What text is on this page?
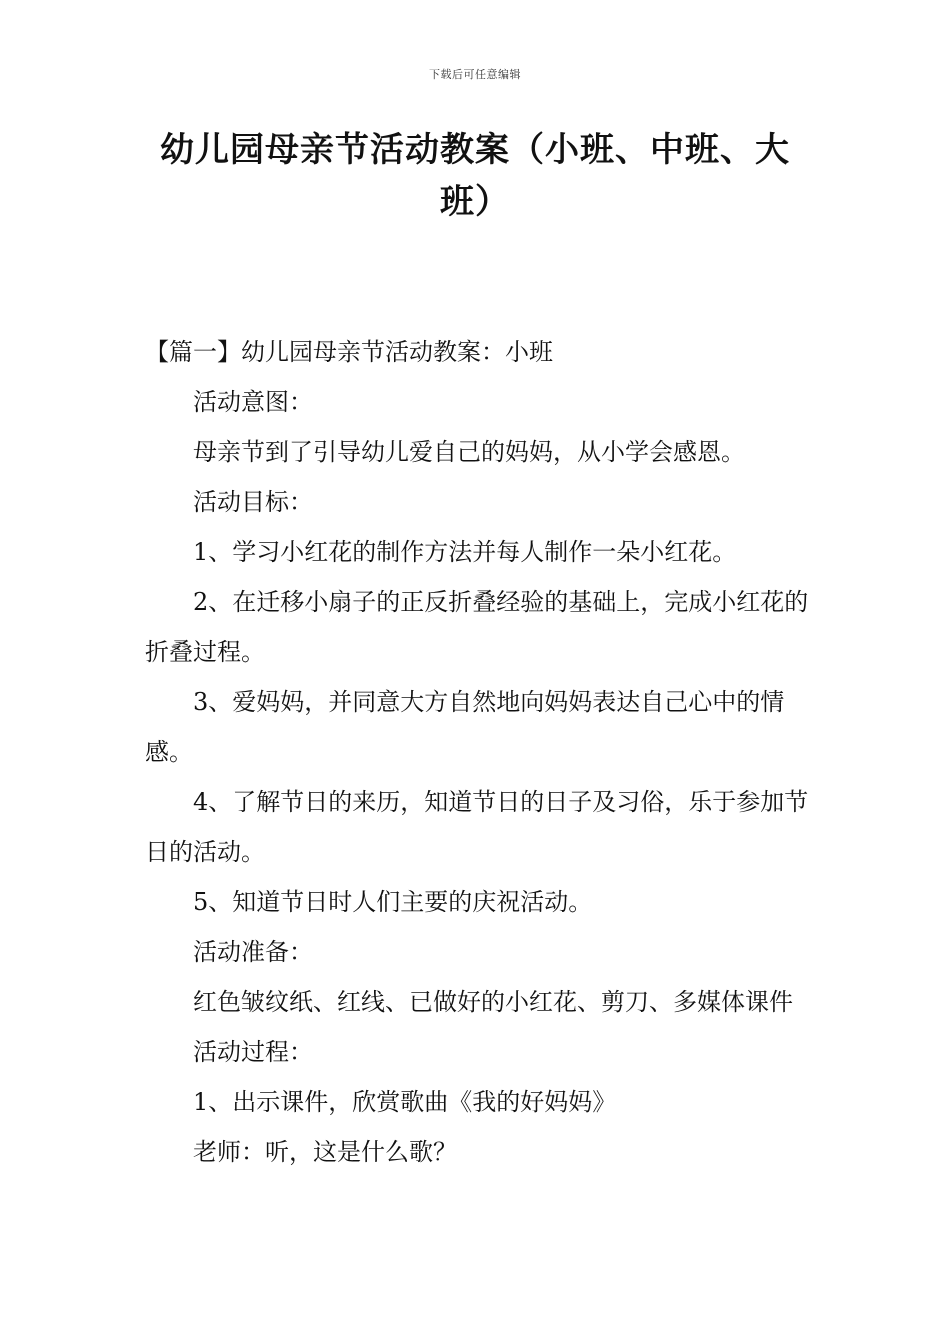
下载后可任意编辑
幼儿园母亲节活动教案（小班、中班、大班）

【篇一】幼儿园母亲节活动教案：小班

活动意图：

母亲节到了引导幼儿爱自己的妈妈，从小学会感恩。

活动目标：

1、学习小红花的制作方法并每人制作一朵小红花。

2、在迁移小扇子的正反折叠经验的基础上，完成小红花的折叠过程。

3、爱妈妈，并同意大方自然地向妈妈表达自己心中的情感。

4、了解节日的来历，知道节日的日子及习俗，乐于参加节日的活动。

5、知道节日时人们主要的庆祝活动。

活动准备：

红色皱纹纸、红线、已做好的小红花、剪刀、多媒体课件

活动过程：

1、出示课件，欣赏歌曲《我的好妈妈》

老师：听，这是什么歌？
